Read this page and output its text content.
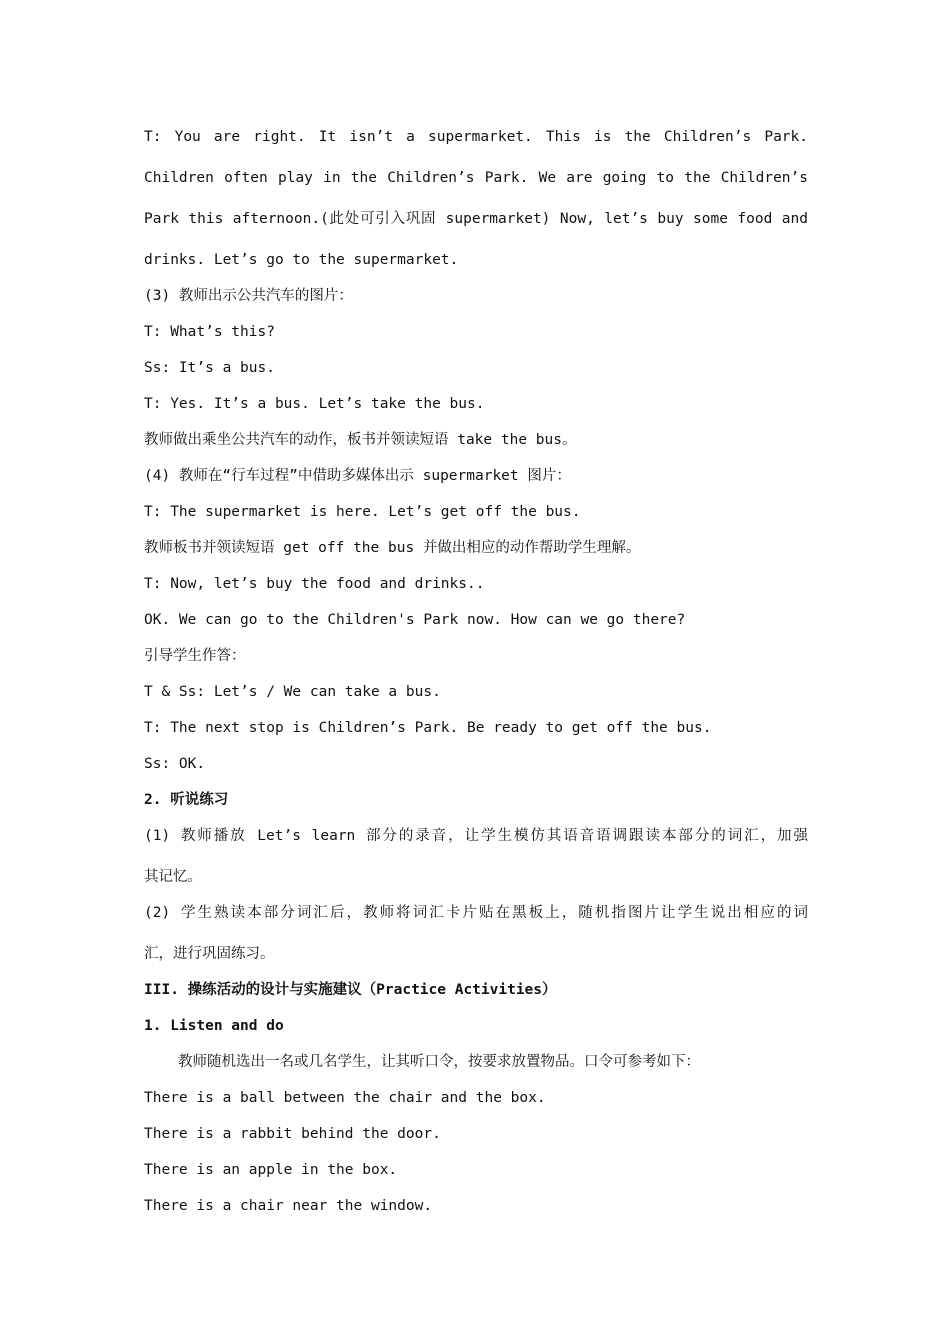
T: You are right. It isn’t a supermarket. This is the Children’s Park.
Children often play in the Children’s Park. We are going to the Children’s
Park this afternoon.(此处可引入巩固 supermarket) Now, let’s buy some food and
drinks. Let’s go to the supermarket.
(3) 教师出示公共汽车的图片：
T: What’s this?
Ss: It’s a bus.
T: Yes. It’s a bus. Let’s take the bus.
教师做出乘坐公共汽车的动作，板书并领读短语 take the bus。
(4) 教师在“行车过程”中借助多媒体出示 supermarket 图片：
T: The supermarket is here. Let’s get off the bus.
教师板书并领读短语 get off the bus 并做出相应的动作帮助学生理解。
T: Now, let’s buy the food and drinks..
OK. We can go to the Children's Park now. How can we go there?
引导学生作答：
T & Ss: Let’s / We can take a bus.
T: The next stop is Children’s Park. Be ready to get off the bus.
Ss: OK.
2. 听说练习
(1) 教师播放 Let’s learn 部分的录音，让学生模仿其语音语调跟读本部分的词汇，加强
其记忆。
(2) 学生熟读本部分词汇后，教师将词汇卡片贴在黑板上，随机指图片让学生说出相应的词
汇，进行巩固练习。
III. 操练活动的设计与实施建议（Practice Activities）
1. Listen and do
教师随机选出一名或几名学生，让其听口令，按要求放置物品。口令可参考如下：
There is a ball between the chair and the box.
There is a rabbit behind the door.
There is an apple in the box.
There is a chair near the window.
